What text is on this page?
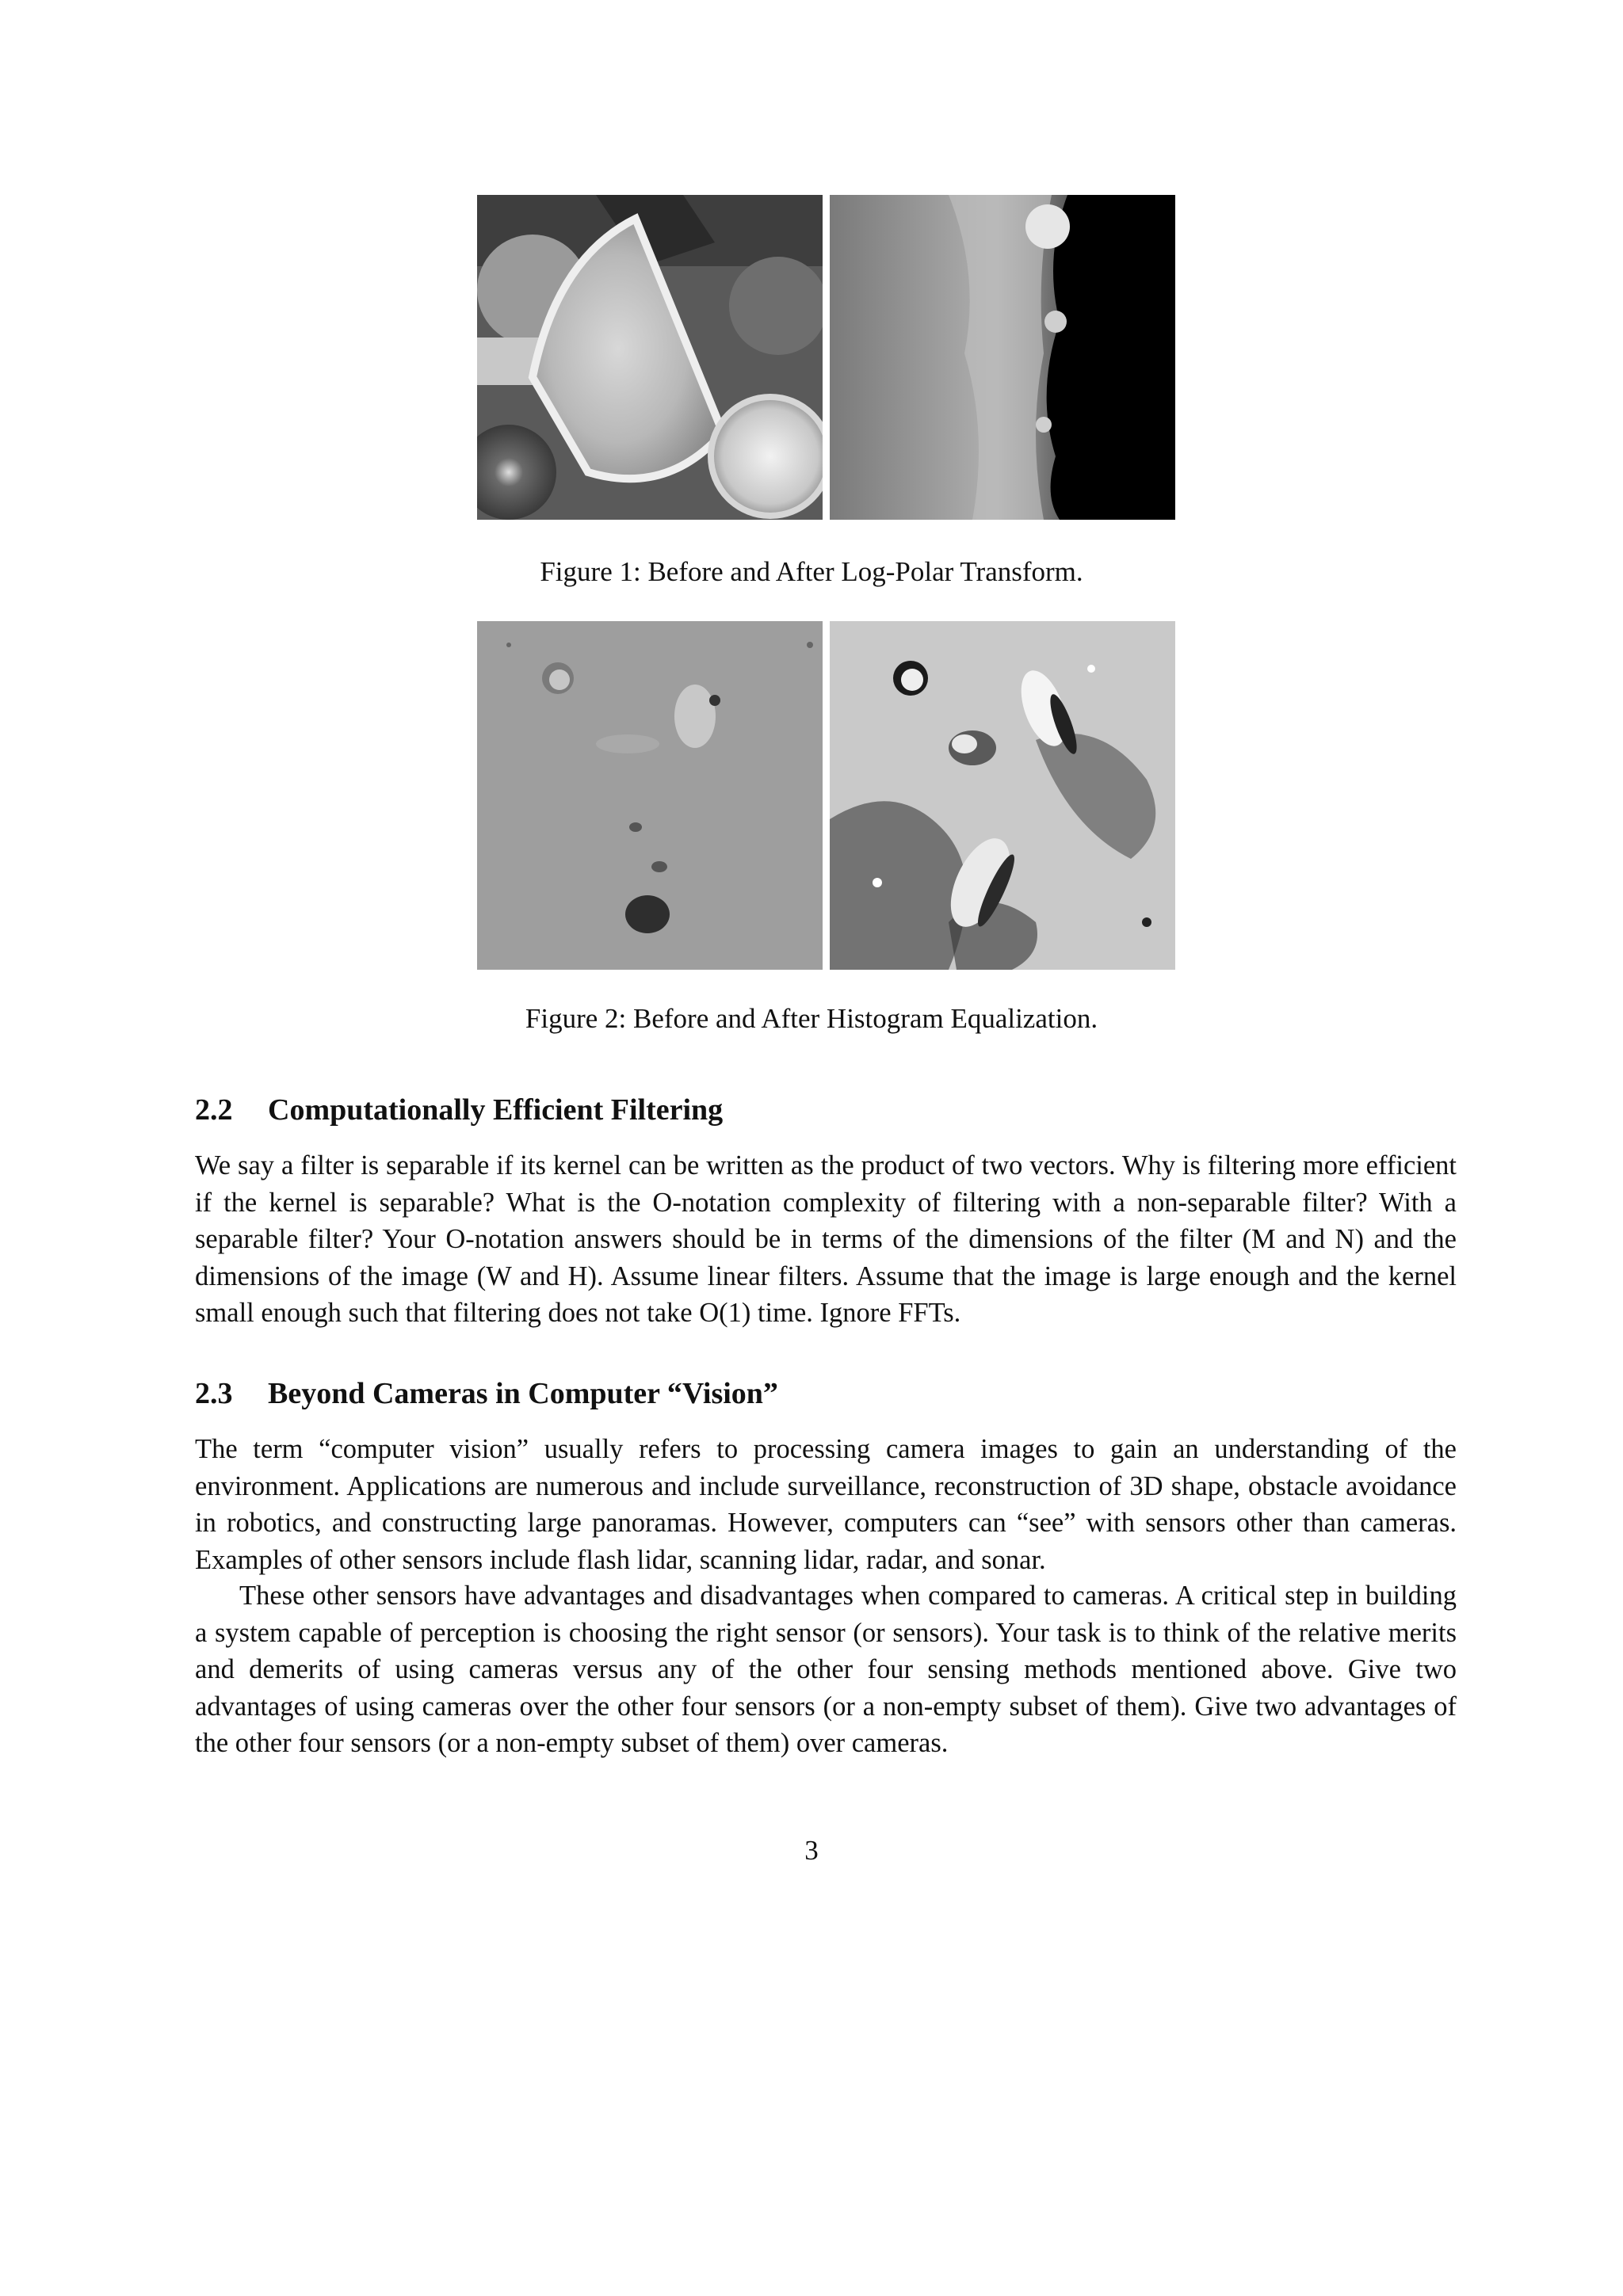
Figure 1: Before and After Log-Polar Transform.
Figure 2: Before and After Histogram Equalization.
2.2 Computationally Efficient Filtering

We say a filter is separable if its kernel can be written as the product of two vectors. Why is filtering more efficient if the kernel is separable? What is the O-notation complexity of filtering with a non-separable filter? With a separable filter? Your O-notation answers should be in terms of the dimensions of the filter (M and N) and the dimensions of the image (W and H). Assume linear filters. Assume that the image is large enough and the kernel small enough such that filtering does not take O(1) time. Ignore FFTs.

2.3 Beyond Cameras in Computer “Vision”

The term “computer vision” usually refers to processing camera images to gain an understanding of the environment. Applications are numerous and include surveillance, reconstruction of 3D shape, obstacle avoidance in robotics, and constructing large panoramas. However, computers can “see” with sensors other than cameras. Examples of other sensors include flash lidar, scanning lidar, radar, and sonar.

These other sensors have advantages and disadvantages when compared to cameras. A critical step in building a system capable of perception is choosing the right sensor (or sensors). Your task is to think of the relative merits and demerits of using cameras versus any of the other four sensing methods mentioned above. Give two advantages of using cameras over the other four sensors (or a non-empty subset of them). Give two advantages of the other four sensors (or a non-empty subset of them) over cameras.

3
